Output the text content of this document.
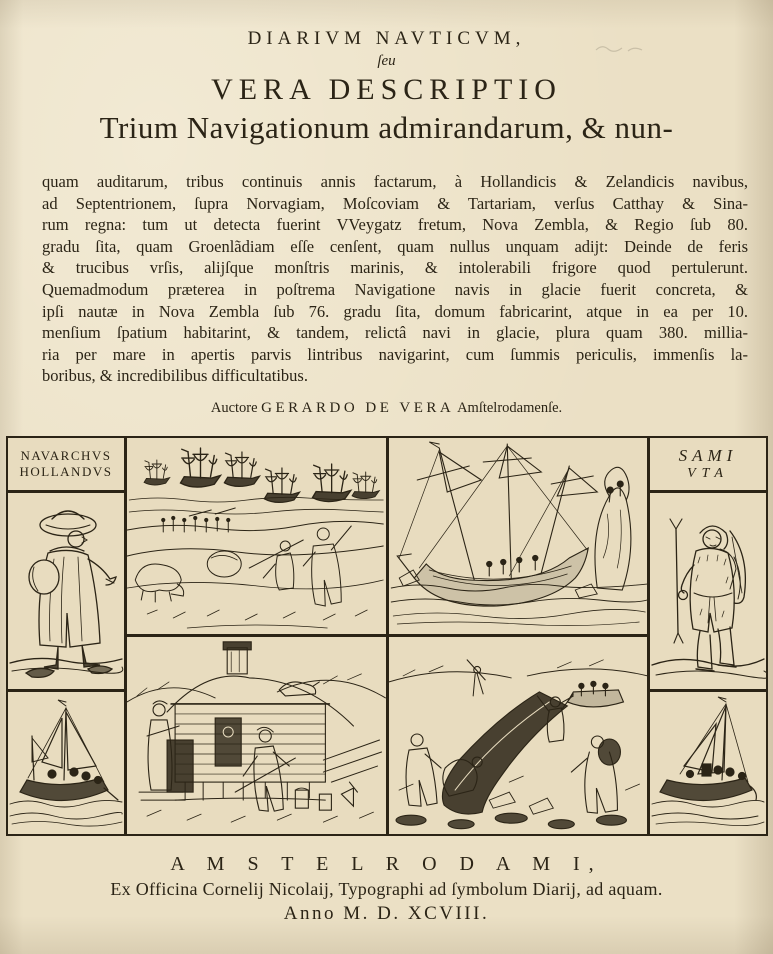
DIARIVM NAVTICVM,
ſeu
VERA DESCRIPTIO
Trium Navigationum admirandarum, & nun-
quam auditarum, tribus continuis annis factarum, à Hollandicis & Zelandicis navibus,
ad Septentrionem, ſupra Norvagiam, Moſcoviam & Tartariam, verſus Catthay & Sina-
rum regna: tum ut detecta fuerint VVeygatz fretum, Nova Zembla, & Regio ſub 80.
gradu ſita, quam Groenlãdiam eſſe cenſent, quam nullus unquam adijt: Deinde de feris
& trucibus vrſis, alijſque monſtris marinis, & intolerabili frigore quod pertulerunt.
Quemadmodum præterea in poſtrema Navigatione navis in glacie fuerit concreta, &
ipſi nautæ in Nova Zembla ſub 76. gradu ſita, domum fabricarint, atque in ea per 10.
menſium ſpatium habitarint, & tandem, relictâ navi in glacie, plura quam 380. millia-
ria per mare in apertis parvis lintribus navigarint, cum ſummis periculis, immenſis la-
boribus, & incredibilibus difficultatibus.
Auctore GERARDO DE VERA Amſtelrodamenſe.
NAVARCHVS
HOLLANDVS
SAMI
VTA
A M S T E L R O D A M I,
Ex Officina Cornelij Nicolaij, Typographi ad ſymbolum Diarij, ad aquam.
Anno M. D. XCVIII.
